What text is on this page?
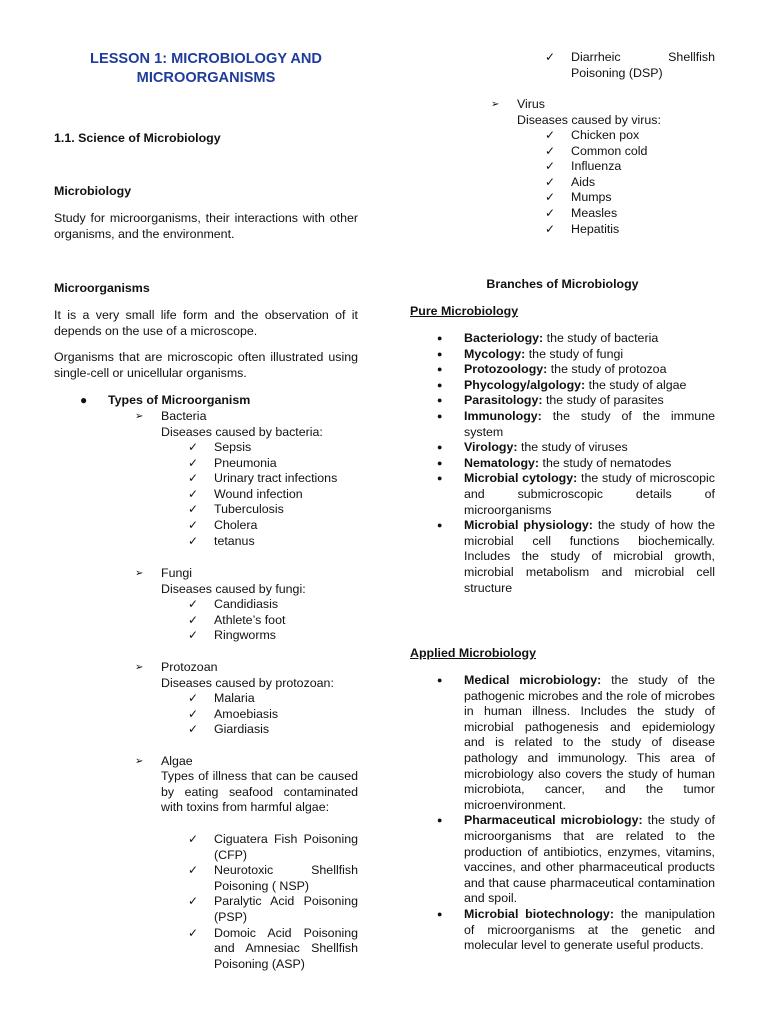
LESSON 1: MICROBIOLOGY AND MICROORGANISMS
1.1. Science of Microbiology
Microbiology
Study for microorganisms, their interactions with other organisms, and the environment.
Microorganisms
It is a very small life form and the observation of it depends on the use of a microscope.
Organisms that are microscopic often illustrated using single-cell or unicellular organisms.
● Types of Microorganism
➢ Bacteria
Diseases caused by bacteria:
✓ Sepsis
✓ Pneumonia
✓ Urinary tract infections
✓ Wound infection
✓ Tuberculosis
✓ Cholera
✓ tetanus
➢ Fungi
Diseases caused by fungi:
✓ Candidiasis
✓ Athlete’s foot
✓ Ringworms
➢ Protozoan
Diseases caused by protozoan:
✓ Malaria
✓ Amoebiasis
✓ Giardiasis
➢ Algae
Types of illness that can be caused by eating seafood contaminated with toxins from harmful algae:
✓ Ciguatera Fish Poisoning (CFP)
✓ Neurotoxic Shellfish Poisoning ( NSP)
✓ Paralytic Acid Poisoning (PSP)
✓ Domoic Acid Poisoning and Amnesiac Shellfish Poisoning (ASP)
✓ Diarrheic Shellfish Poisoning (DSP)
➢ Virus
Diseases caused by virus:
✓ Chicken pox
✓ Common cold
✓ Influenza
✓ Aids
✓ Mumps
✓ Measles
✓ Hepatitis
Branches of Microbiology
Pure Microbiology
● Bacteriology: the study of bacteria
● Mycology: the study of fungi
● Protozoology: the study of protozoa
● Phycology/algology: the study of algae
● Parasitology: the study of parasites
● Immunology: the study of the immune system
● Virology: the study of viruses
● Nematology: the study of nematodes
● Microbial cytology: the study of microscopic and submicroscopic details of microorganisms
● Microbial physiology: the study of how the microbial cell functions biochemically. Includes the study of microbial growth, microbial metabolism and microbial cell structure
Applied Microbiology
● Medical microbiology: the study of the pathogenic microbes and the role of microbes in human illness. Includes the study of microbial pathogenesis and epidemiology and is related to the study of disease pathology and immunology. This area of microbiology also covers the study of human microbiota, cancer, and the tumor microenvironment.
● Pharmaceutical microbiology: the study of microorganisms that are related to the production of antibiotics, enzymes, vitamins, vaccines, and other pharmaceutical products and that cause pharmaceutical contamination and spoil.
● Microbial biotechnology: the manipulation of microorganisms at the genetic and molecular level to generate useful products.
